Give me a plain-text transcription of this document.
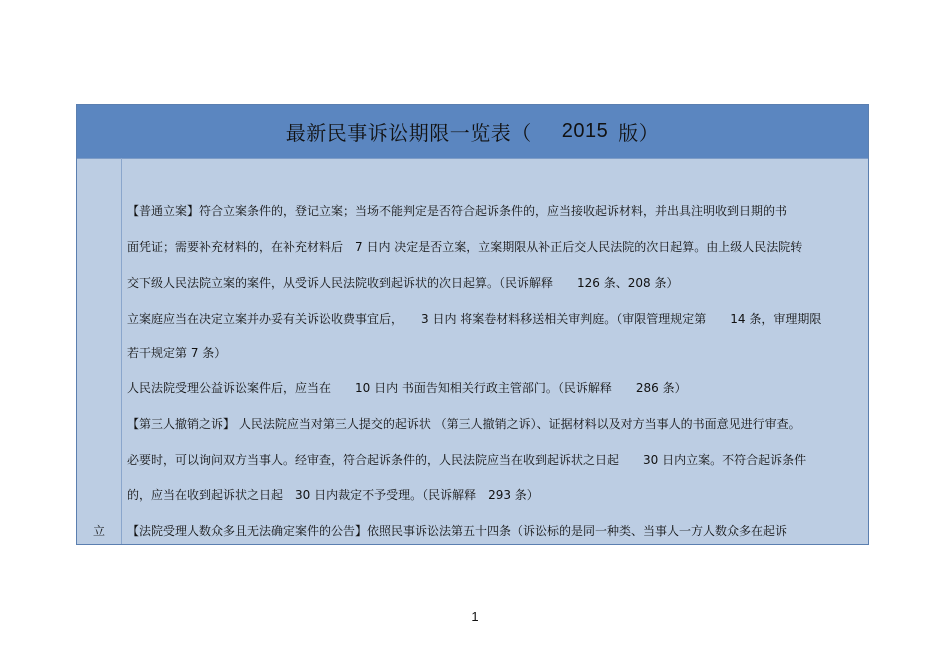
最新民事诉讼期限一览表（ 2015 版）
立
【普通立案】符合立案条件的，登记立案；当场不能判定是否符合起诉条件的，应当接收起诉材料，并出具注明收到日期的书
面凭证；需要补充材料的，在补充材料后　7 日内 决定是否立案，立案期限从补正后交人民法院的次日起算。由上级人民法院转
交下级人民法院立案的案件，从受诉人民法院收到起诉状的次日起算。（民诉解释　　126 条、208 条）
立案庭应当在决定立案并办妥有关诉讼收费事宜后，　　3 日内 将案卷材料移送相关审判庭。（审限管理规定第　　14 条，审理期限
若干规定第 7 条）
人民法院受理公益诉讼案件后，应当在　　10 日内 书面告知相关行政主管部门。（民诉解释　　286 条）
【第三人撤销之诉】 人民法院应当对第三人提交的起诉状 （第三人撤销之诉）、证据材料以及对方当事人的书面意见进行审查。
必要时，可以询问双方当事人。经审查，符合起诉条件的，人民法院应当在收到起诉状之日起　　30 日内立案。不符合起诉条件
的，应当在收到起诉状之日起　30 日内裁定不予受理。（民诉解释　293 条）
【法院受理人数众多且无法确定案件的公告】依照民事诉讼法第五十四条（诉讼标的是同一种类、当事人一方人数众多在起诉
1
